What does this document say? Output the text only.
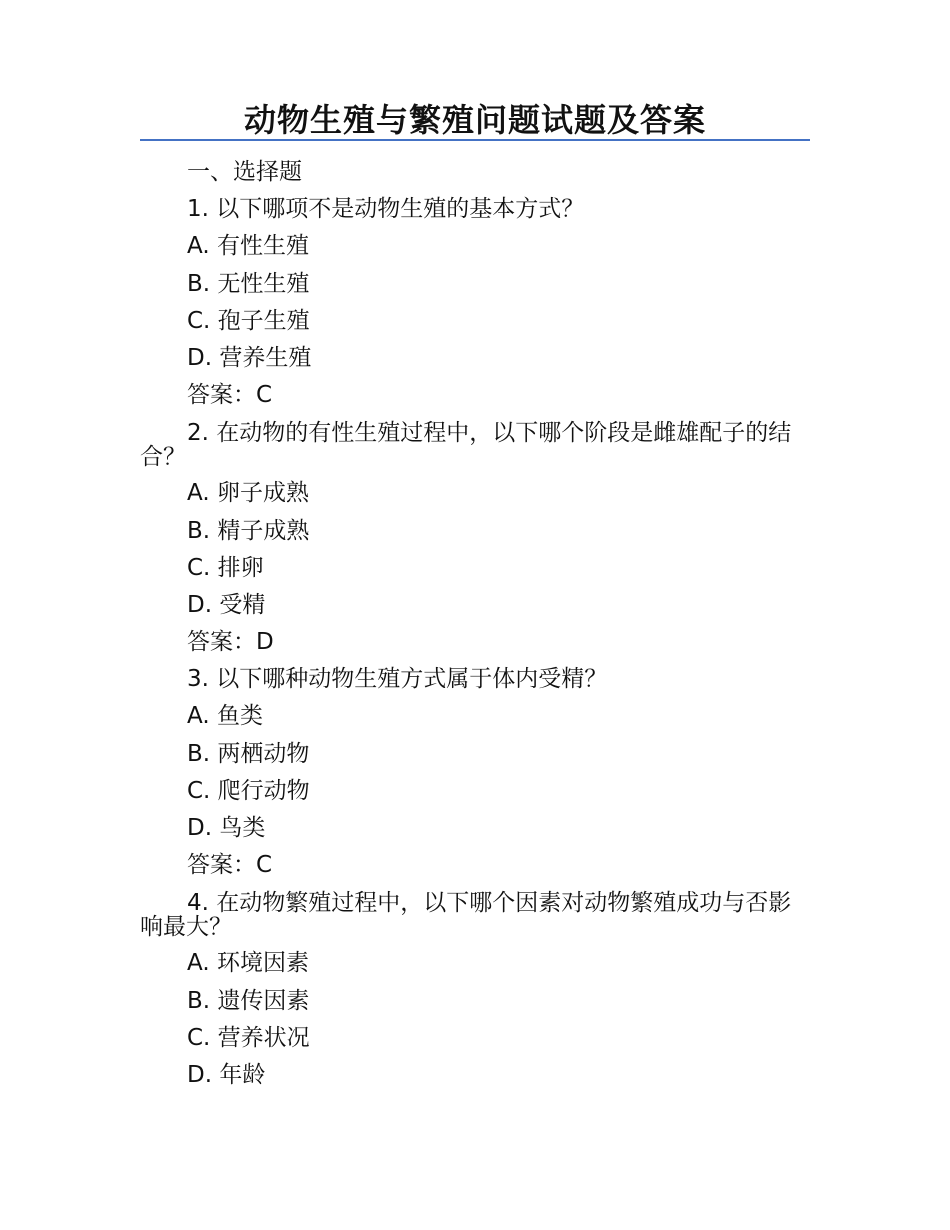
动物生殖与繁殖问题试题及答案
一、选择题
1. 以下哪项不是动物生殖的基本方式？
A. 有性生殖
B. 无性生殖
C. 孢子生殖
D. 营养生殖
答案：C
2. 在动物的有性生殖过程中，以下哪个阶段是雌雄配子的结合？
A. 卵子成熟
B. 精子成熟
C. 排卵
D. 受精
答案：D
3. 以下哪种动物生殖方式属于体内受精？
A. 鱼类
B. 两栖动物
C. 爬行动物
D. 鸟类
答案：C
4. 在动物繁殖过程中，以下哪个因素对动物繁殖成功与否影响最大？
A. 环境因素
B. 遗传因素
C. 营养状况
D. 年龄
